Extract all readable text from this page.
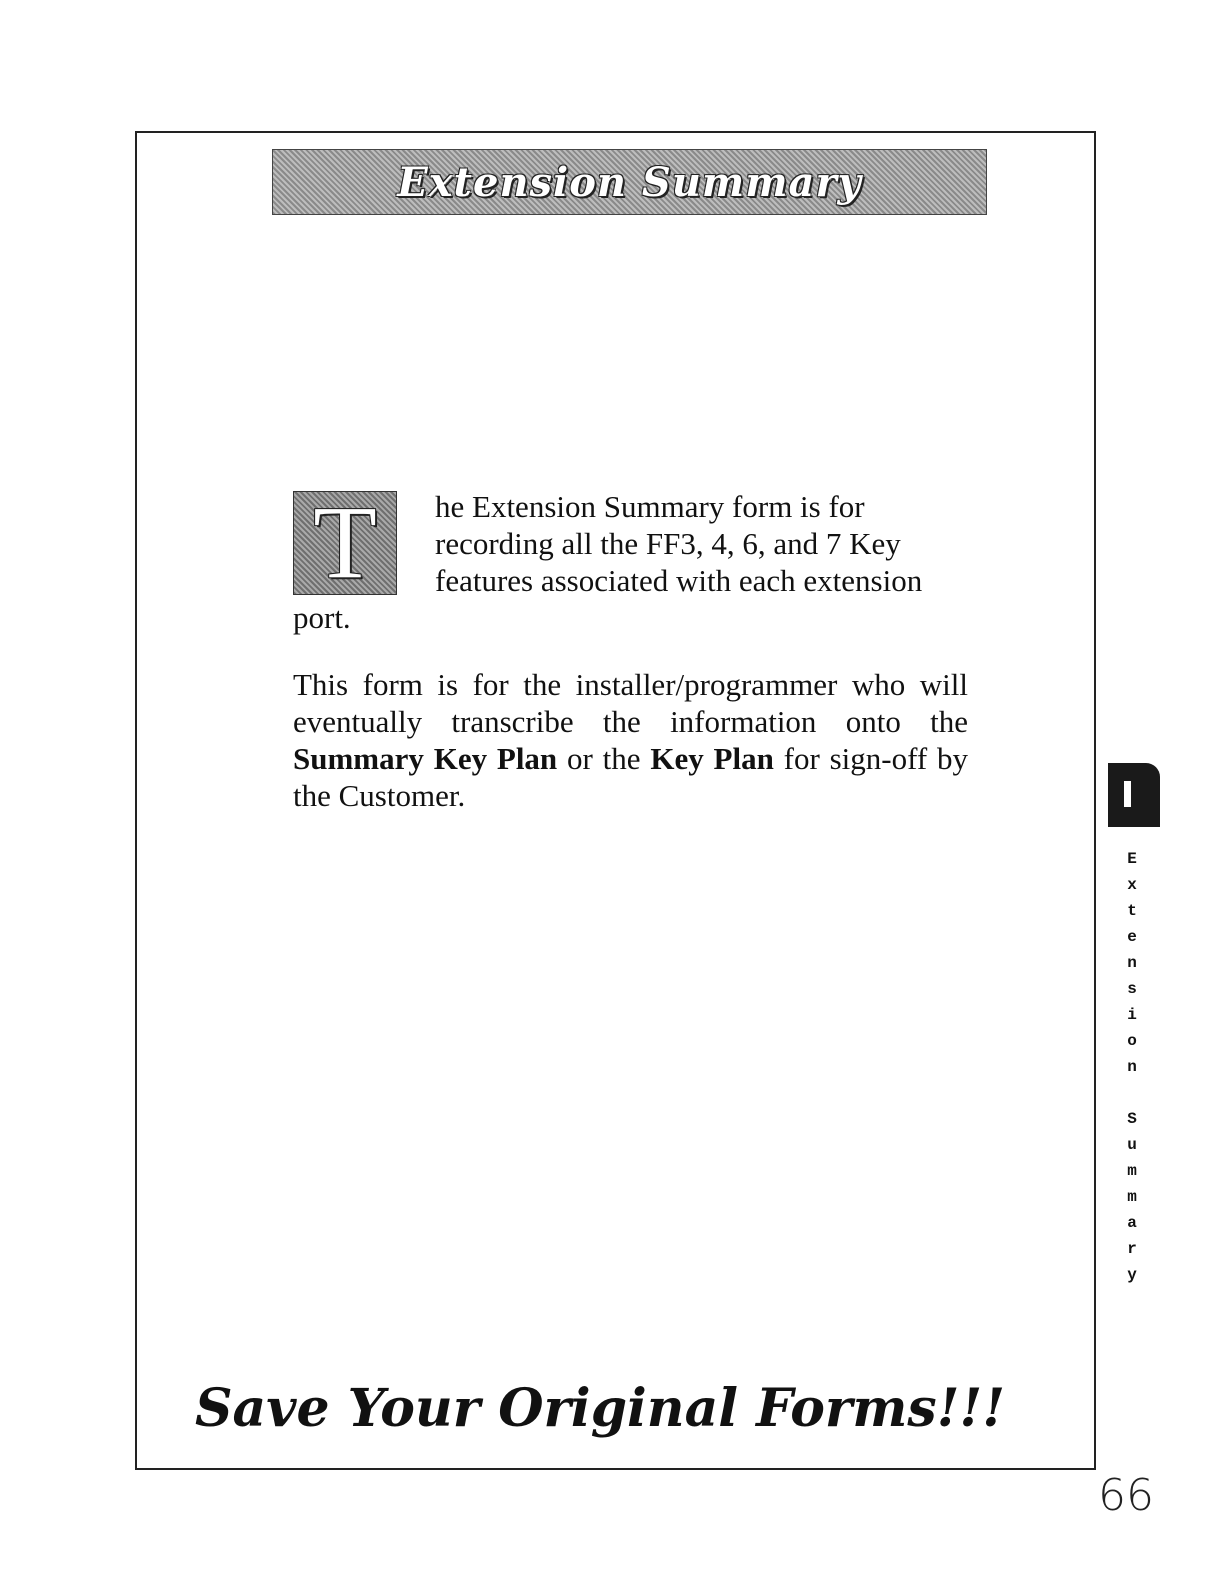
Extension Summary

T he Extension Summary form is for recording all the FF3, 4, 6, and 7 Key features associated with each extension port.

This form is for the installer/programmer who will eventually transcribe the information onto the Summary Key Plan or the Key Plan for sign-off by the Customer.

Save Your Original Forms!!!
E
x
t
e
n
s
i
o
n

S
u
m
m
a
r
y
66
